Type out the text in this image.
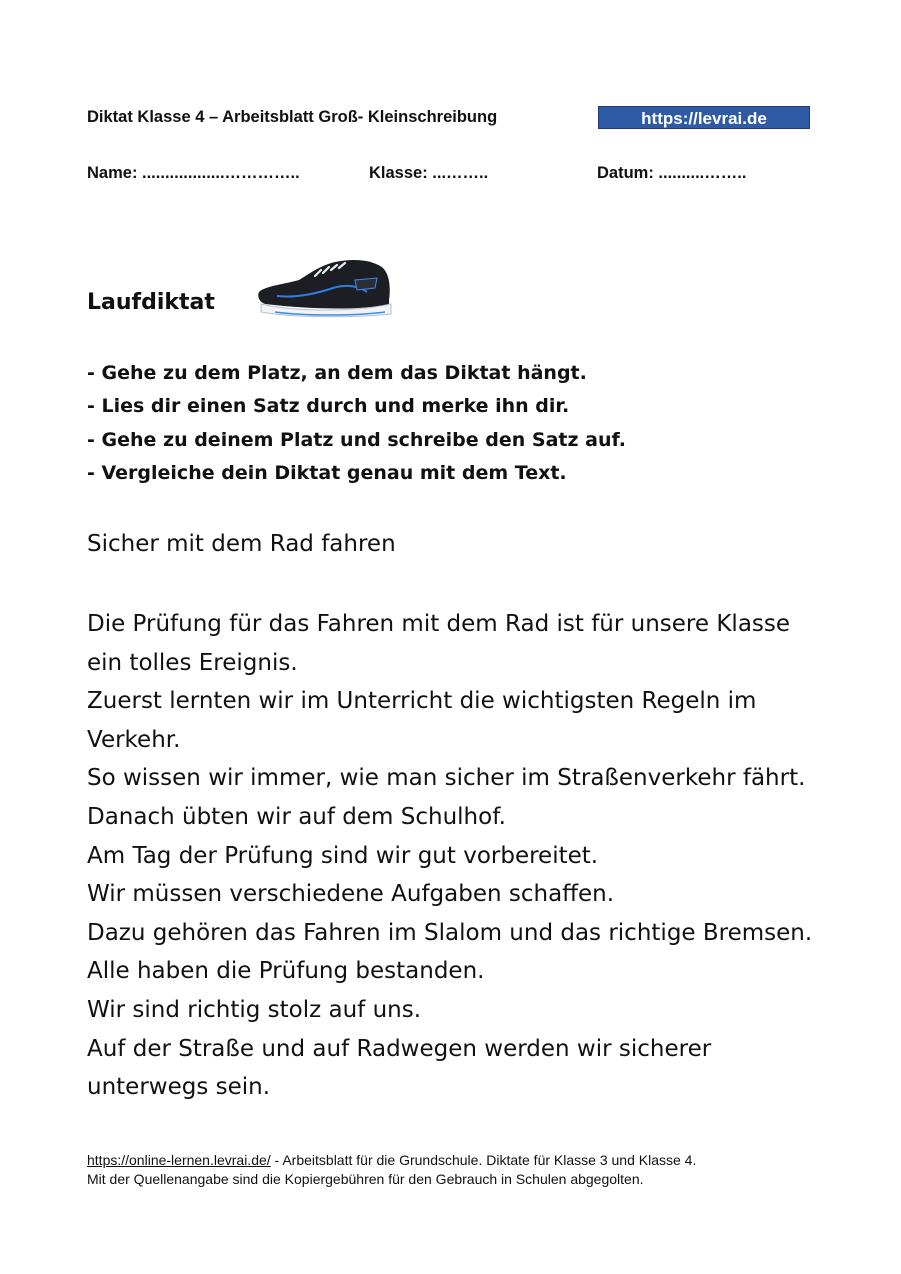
Diktat Klasse 4 – Arbeitsblatt Groß- Kleinschreibung	https://levrai.de
Name: ..................…………..	Klasse: ...……..	Datum: ..........……..
Laufdiktat
- Gehe zu dem Platz, an dem das Diktat hängt.
- Lies dir einen Satz durch und merke ihn dir.
- Gehe zu deinem Platz und schreibe den Satz auf.
- Vergleiche dein Diktat genau mit dem Text.
Sicher mit dem Rad fahren
Die Prüfung für das Fahren mit dem Rad ist für unsere Klasse
ein tolles Ereignis.
Zuerst lernten wir im Unterricht die wichtigsten Regeln im
Verkehr.
So wissen wir immer, wie man sicher im Straßenverkehr fährt.
Danach übten wir auf dem Schulhof.
Am Tag der Prüfung sind wir gut vorbereitet.
Wir müssen verschiedene Aufgaben schaffen.
Dazu gehören das Fahren im Slalom und das richtige Bremsen.
Alle haben die Prüfung bestanden.
Wir sind richtig stolz auf uns.
Auf der Straße und auf Radwegen werden wir sicherer
unterwegs sein.
https://online-lernen.levrai.de/ - Arbeitsblatt für die Grundschule. Diktate für Klasse 3 und Klasse 4.
Mit der Quellenangabe sind die Kopiergebühren für den Gebrauch in Schulen abgegolten.
